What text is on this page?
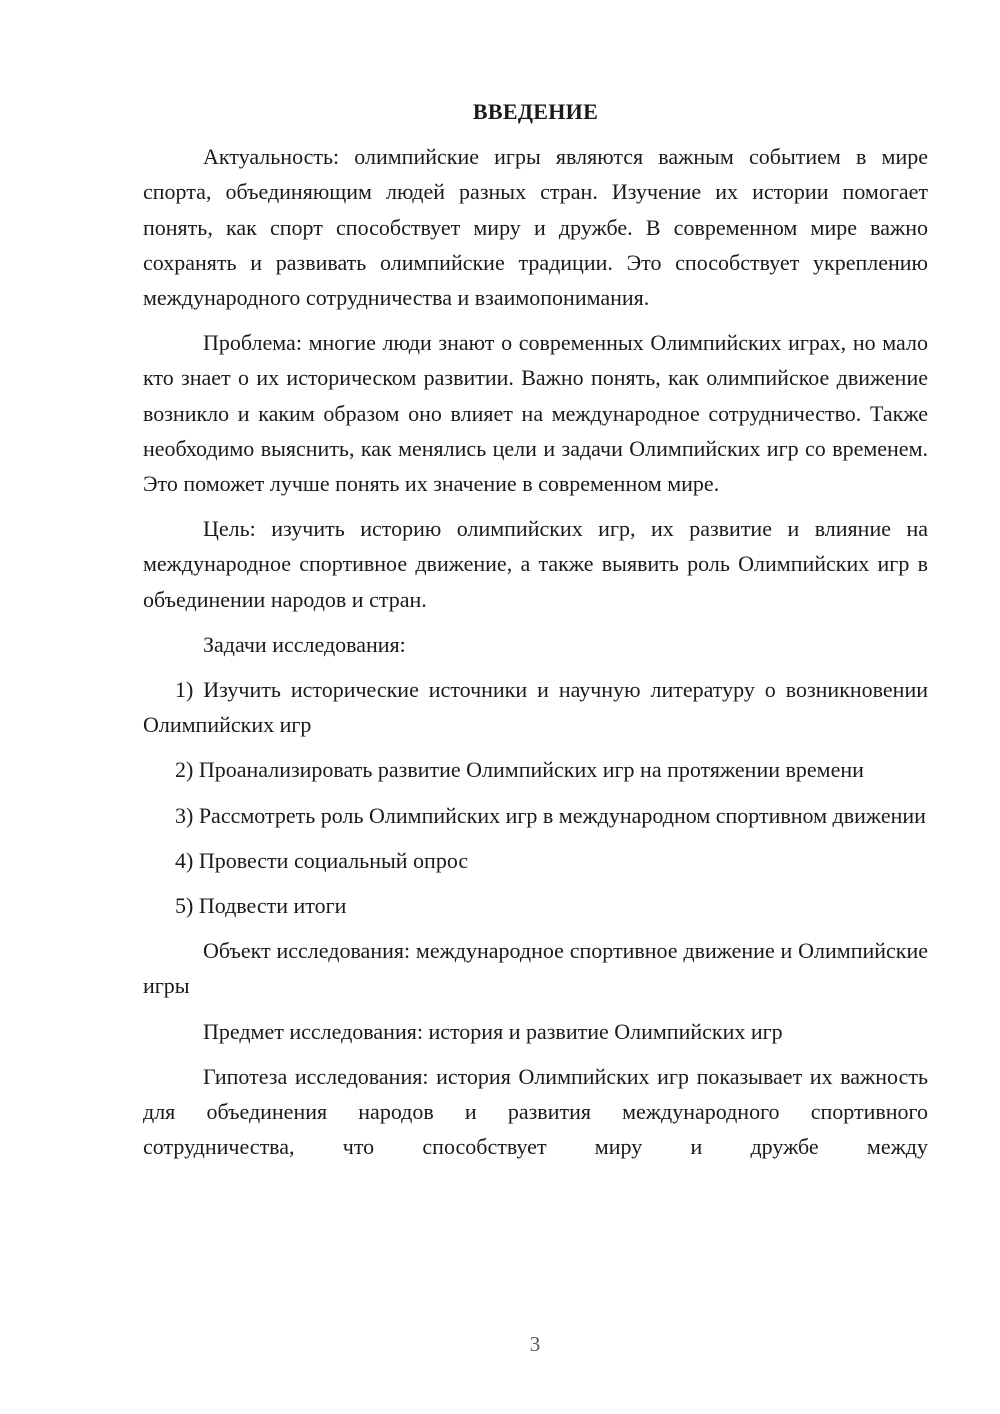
ВВЕДЕНИЕ

Актуальность: олимпийские игры являются важным событием в мире спорта, объединяющим людей разных стран. Изучение их истории помогает понять, как спорт способствует миру и дружбе. В современном мире важно сохранять и развивать олимпийские традиции. Это способствует укреплению международного сотрудничества и взаимопонимания.

Проблема: многие люди знают о современных Олимпийских играх, но мало кто знает о их историческом развитии. Важно понять, как олимпийское движение возникло и каким образом оно влияет на международное сотрудничество. Также необходимо выяснить, как менялись цели и задачи Олимпийских игр со временем. Это поможет лучше понять их значение в современном мире.

Цель: изучить историю олимпийских игр, их развитие и влияние на международное спортивное движение, а также выявить роль Олимпийских игр в объединении народов и стран.

Задачи исследования:

1) Изучить исторические источники и научную литературу о возникновении Олимпийских игр

2) Проанализировать развитие Олимпийских игр на протяжении времени

3) Рассмотреть роль Олимпийских игр в международном спортивном движении

4) Провести социальный опрос

5) Подвести итоги

Объект исследования: международное спортивное движение и Олимпийские игры

Предмет исследования: история и развитие Олимпийских игр

Гипотеза исследования: история Олимпийских игр показывает их важность для объединения народов и развития международного спортивного сотрудничества, что способствует миру и дружбе между

3
